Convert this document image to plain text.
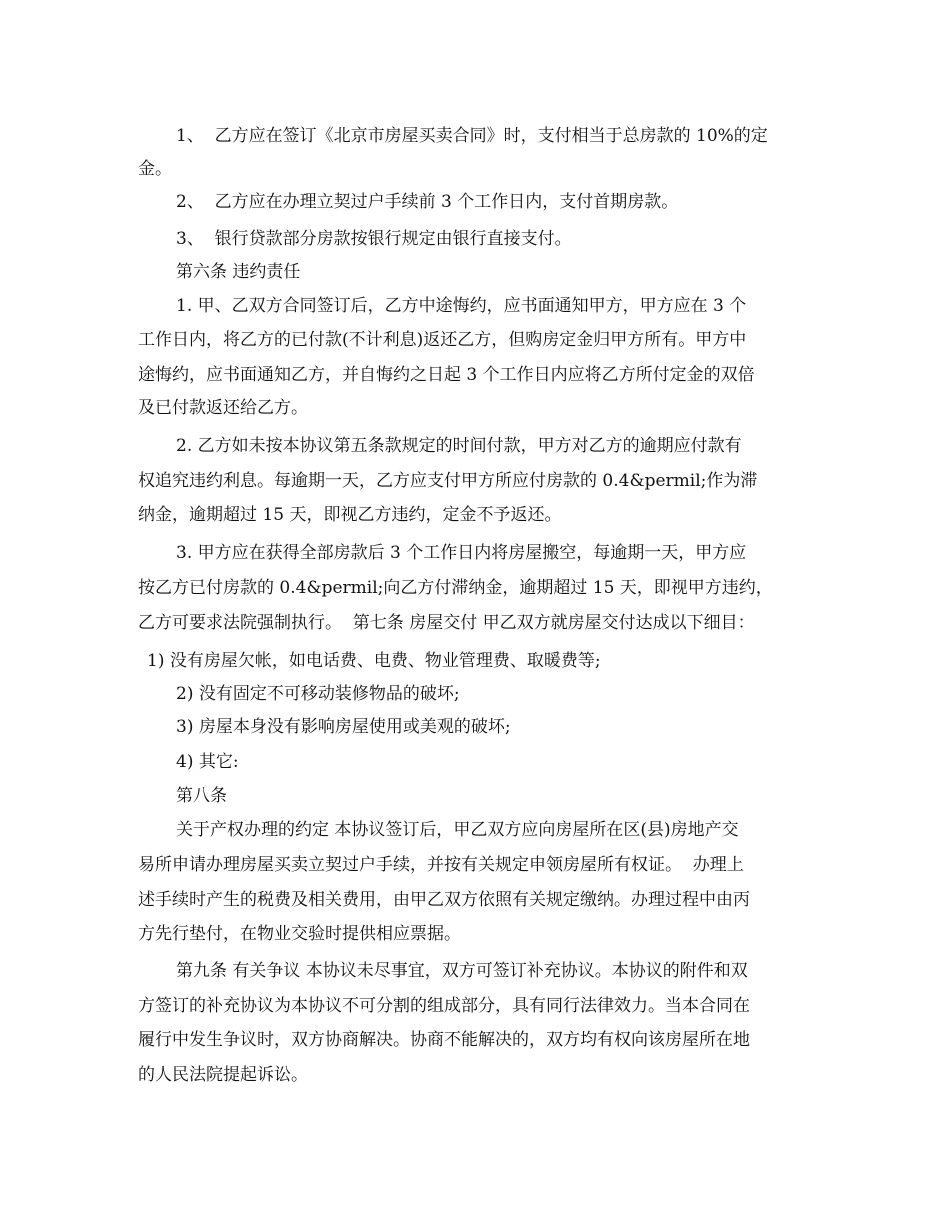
1、  乙方应在签订《北京市房屋买卖合同》时，支付相当于总房款的 10%的定
金。
2、  乙方应在办理立契过户手续前 3 个工作日内，支付首期房款。
3、  银行贷款部分房款按银行规定由银行直接支付。
第六条 违约责任
1. 甲、乙双方合同签订后，乙方中途悔约，应书面通知甲方，甲方应在 3 个
工作日内，将乙方的已付款(不计利息)返还乙方，但购房定金归甲方所有。甲方中
途悔约，应书面通知乙方，并自悔约之日起 3 个工作日内应将乙方所付定金的双倍
及已付款返还给乙方。
2. 乙方如未按本协议第五条款规定的时间付款，甲方对乙方的逾期应付款有
权追究违约利息。每逾期一天，乙方应支付甲方所应付房款的 0.4&permil;作为滞
纳金，逾期超过 15 天，即视乙方违约，定金不予返还。
3. 甲方应在获得全部房款后 3 个工作日内将房屋搬空，每逾期一天，甲方应
按乙方已付房款的 0.4&permil;向乙方付滞纳金，逾期超过 15 天，即视甲方违约，
乙方可要求法院强制执行。  第七条 房屋交付 甲乙双方就房屋交付达成以下细目：
1) 没有房屋欠帐，如电话费、电费、物业管理费、取暖费等;
2) 没有固定不可移动装修物品的破坏;
3) 房屋本身没有影响房屋使用或美观的破坏;
4) 其它:
第八条
关于产权办理的约定 本协议签订后，甲乙双方应向房屋所在区(县)房地产交
易所申请办理房屋买卖立契过户手续，并按有关规定申领房屋所有权证。  办理上
述手续时产生的税费及相关费用，由甲乙双方依照有关规定缴纳。办理过程中由丙
方先行垫付，在物业交验时提供相应票据。
第九条 有关争议 本协议未尽事宜，双方可签订补充协议。本协议的附件和双
方签订的补充协议为本协议不可分割的组成部分，具有同行法律效力。当本合同在
履行中发生争议时，双方协商解决。协商不能解决的，双方均有权向该房屋所在地
的人民法院提起诉讼。
